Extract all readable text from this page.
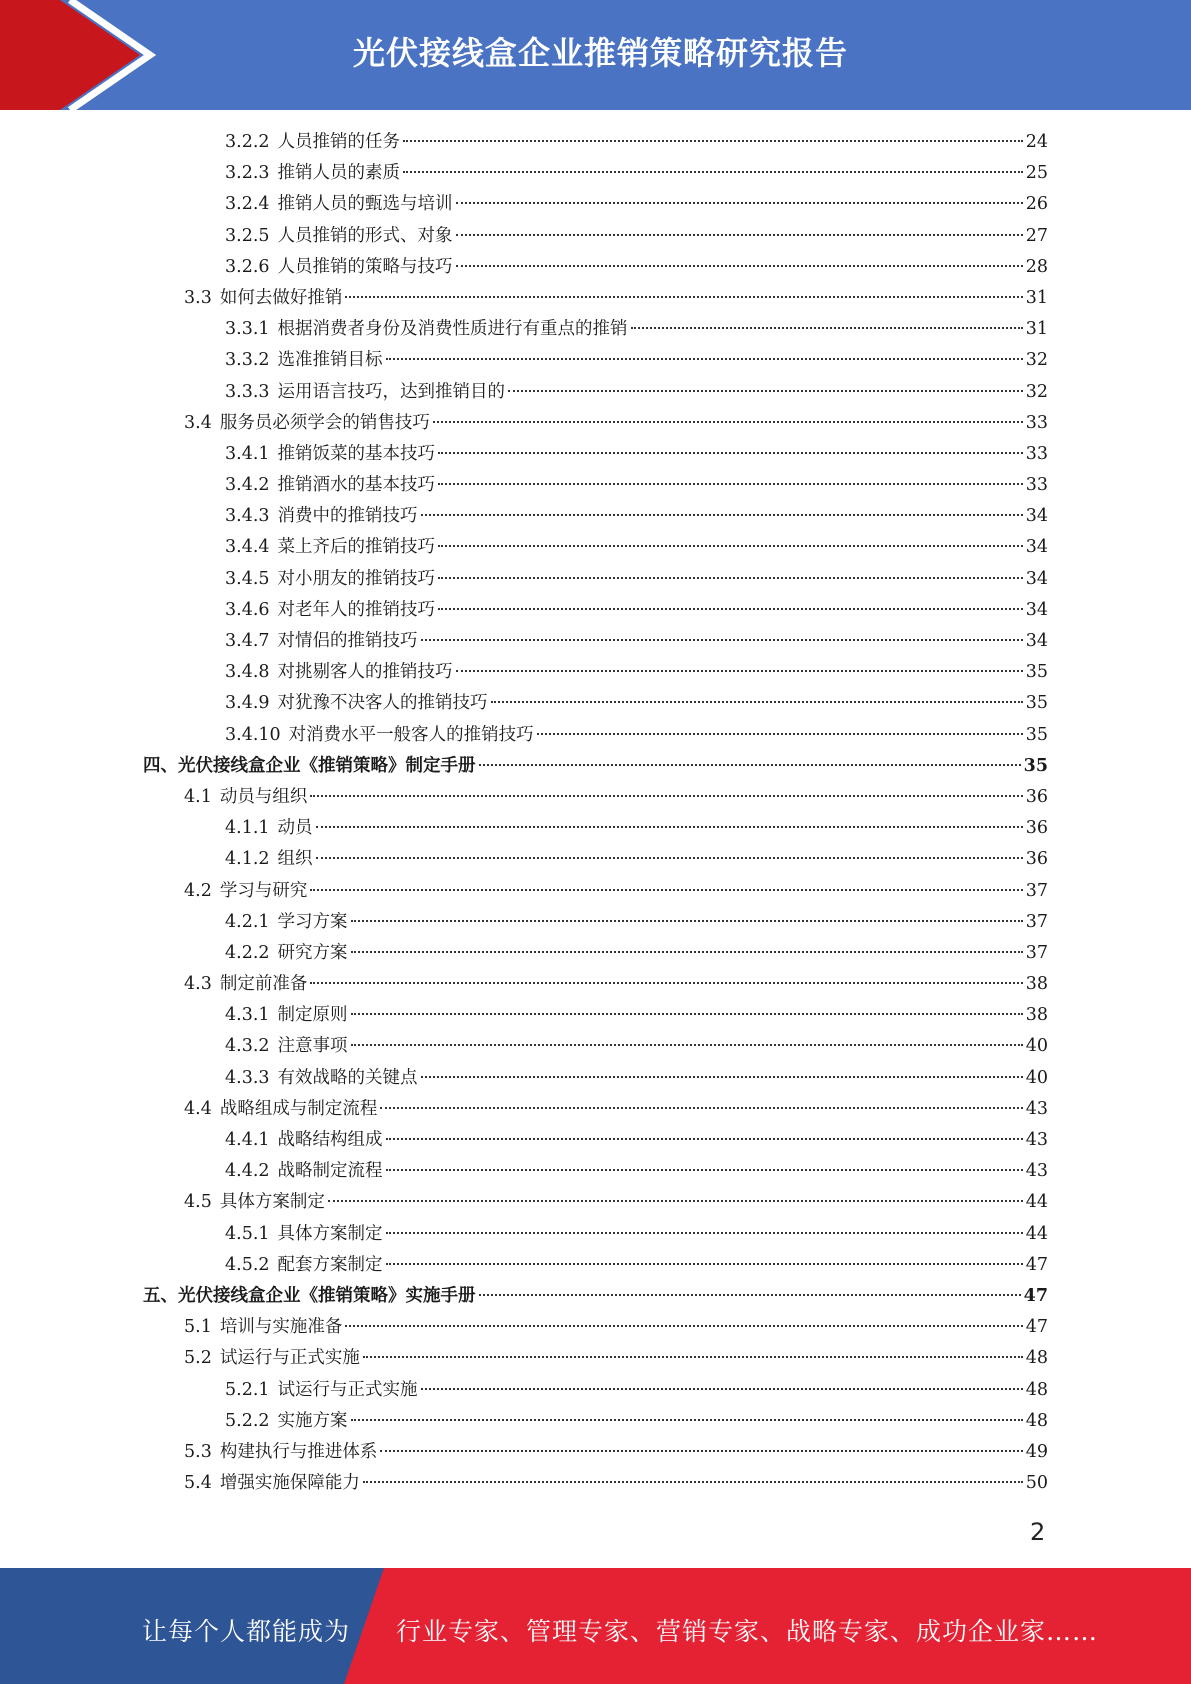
光伏接线盒企业推销策略研究报告
3.2.2 人员推销的任务	24
3.2.3 推销人员的素质	25
3.2.4 推销人员的甄选与培训	26
3.2.5 人员推销的形式、对象	27
3.2.6 人员推销的策略与技巧	28
3.3 如何去做好推销	31
3.3.1 根据消费者身份及消费性质进行有重点的推销	31
3.3.2 选准推销目标	32
3.3.3 运用语言技巧，达到推销目的	32
3.4 服务员必须学会的销售技巧	33
3.4.1 推销饭菜的基本技巧	33
3.4.2 推销酒水的基本技巧	33
3.4.3 消费中的推销技巧	34
3.4.4 菜上齐后的推销技巧	34
3.4.5 对小朋友的推销技巧	34
3.4.6 对老年人的推销技巧	34
3.4.7 对情侣的推销技巧	34
3.4.8 对挑剔客人的推销技巧	35
3.4.9 对犹豫不决客人的推销技巧	35
3.4.10 对消费水平一般客人的推销技巧	35
四、 光伏接线盒企业《推销策略》制定手册	35
4.1 动员与组织	36
4.1.1 动员	36
4.1.2 组织	36
4.2 学习与研究	37
4.2.1 学习方案	37
4.2.2 研究方案	37
4.3 制定前准备	38
4.3.1 制定原则	38
4.3.2 注意事项	40
4.3.3 有效战略的关键点	40
4.4 战略组成与制定流程	43
4.4.1 战略结构组成	43
4.4.2 战略制定流程	43
4.5 具体方案制定	44
4.5.1 具体方案制定	44
4.5.2 配套方案制定	47
五、 光伏接线盒企业《推销策略》实施手册	47
5.1 培训与实施准备	47
5.2 试运行与正式实施	48
5.2.1 试运行与正式实施	48
5.2.2 实施方案	48
5.3 构建执行与推进体系	49
5.4 增强实施保障能力	50
2
让每个人都能成为 行业专家、管理专家、营销专家、战略专家、成功企业家……
